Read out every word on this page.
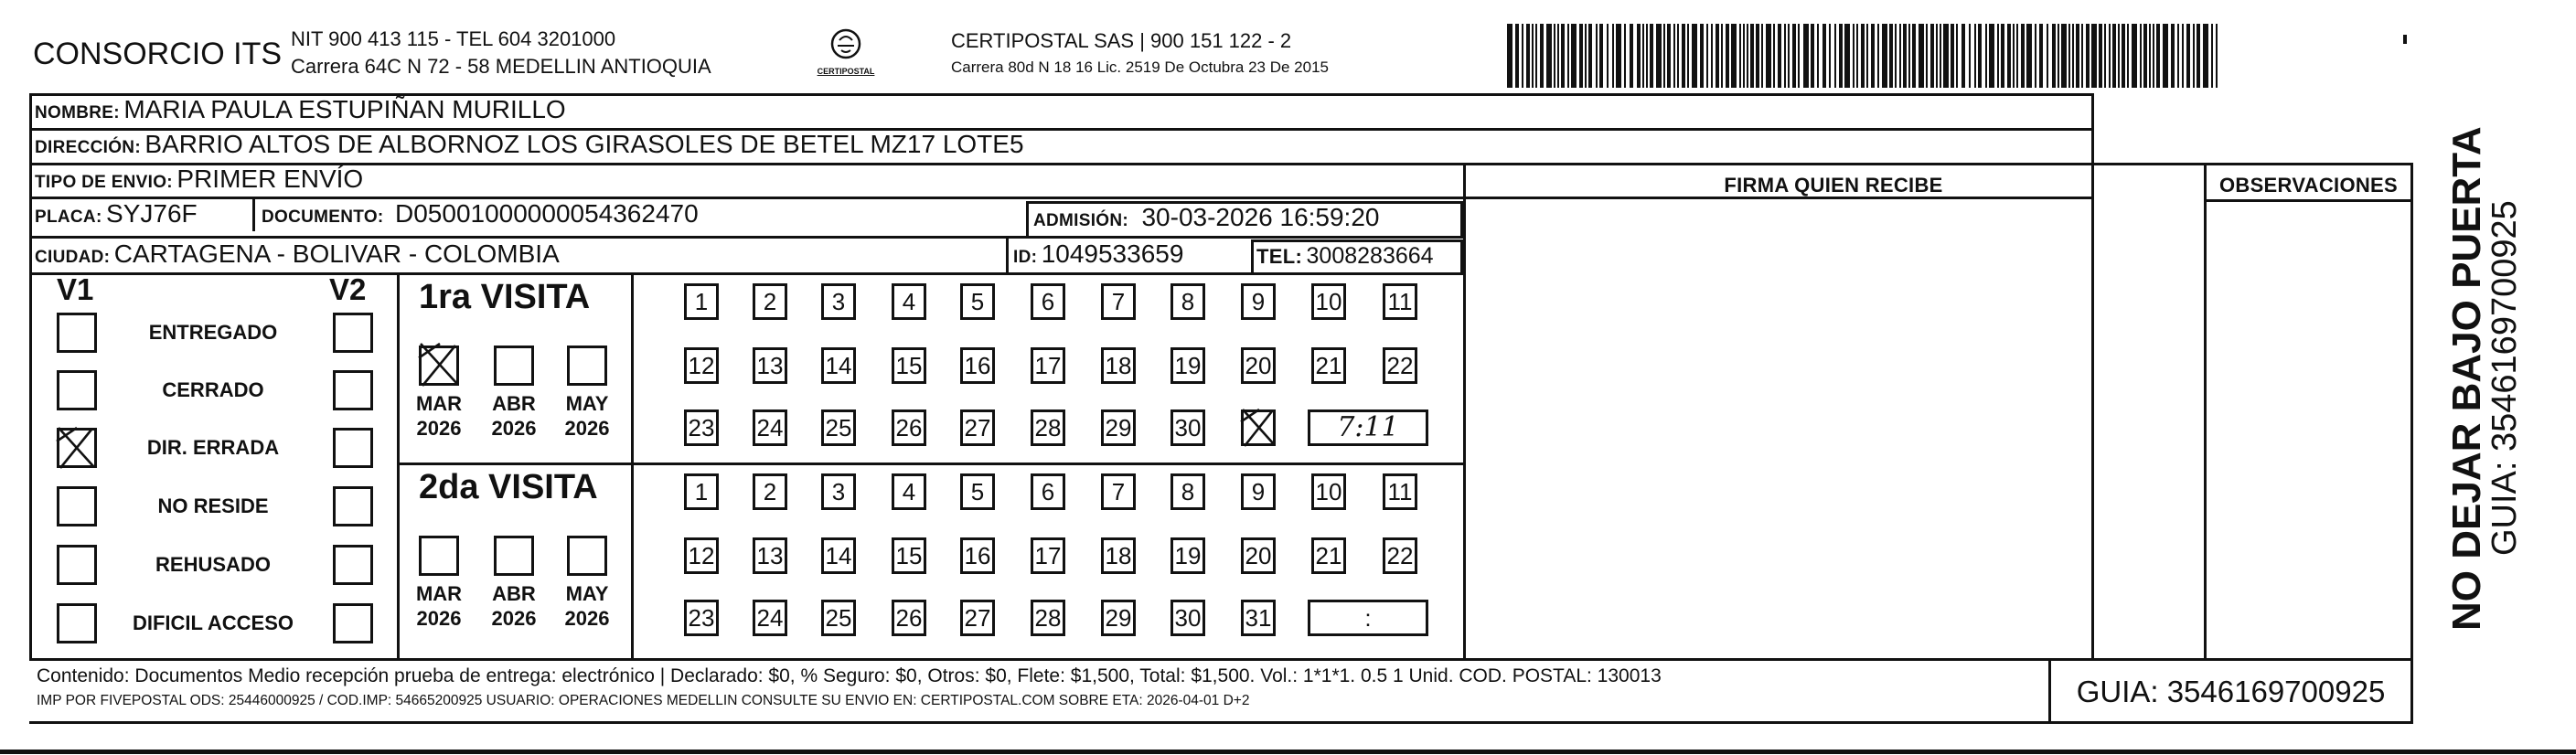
CONSORCIO ITS NIT 900 413 115 - TEL 604 3201000
Carrera 64C N 72 - 58 MEDELLIN ANTIOQUIA	CERTIPOSTAL
CERTIPOSTAL SAS | 900 151 122 - 2
Carrera 80d N 18 16 Lic. 2519 De Octubra 23 De 2015
NOMBRE: MARIA PAULA ESTUPIÑAN MURILLO
DIRECCIÓN: BARRIO ALTOS DE ALBORNOZ LOS GIRASOLES DE BETEL MZ17 LOTE5
TIPO DE ENVIO: PRIMER ENVÍO	FIRMA QUIEN RECIBE	OBSERVACIONES
PLACA: SYJ76F	DOCUMENTO: D05001000000054362470	ADMISIÓN: 30-03-2026 16:59:20
CIUDAD: CARTAGENA - BOLIVAR - COLOMBIA	ID: 1049533659	TEL: 3008283664
V1	V2
ENTREGADO
CERRADO
DIR. ERRADA
NO RESIDE
REHUSADO
DIFICIL ACCESO
1ra VISITA
2da VISITA
MAR
2026
ABR
2026
MAY
2026
1	2	3	4	5	6	7	8	9	10 11
12 13 14 15 16 17 18 19 20 21 22
23 24 25 26 27 28 29 30	7:11
MAR
2026
ABR
2026
MAY
2026
1	2	3	4	5	6	7	8	9	10 11
12 13 14 15 16 17 18 19 20 21 22
23 24 25 26 27 28 29 30 31	:
Contenido: Documentos Medio recepción prueba de entrega: electrónico | Declarado: $0, % Seguro: $0, Otros: $0, Flete: $1,500, Total: $1,500. Vol.: 1*1*1. 0.5 1 Unid. COD. POSTAL: 130013
IMP POR FIVEPOSTAL ODS: 25446000925 / COD.IMP: 54665200925 USUARIO: OPERACIONES MEDELLIN CONSULTE SU ENVIO EN: CERTIPOSTAL.COM SOBRE ETA: 2026-04-01 D+2	GUIA: 3546169700925
NO DEJAR BAJO PUERTA
GUIA: 3546169700925
